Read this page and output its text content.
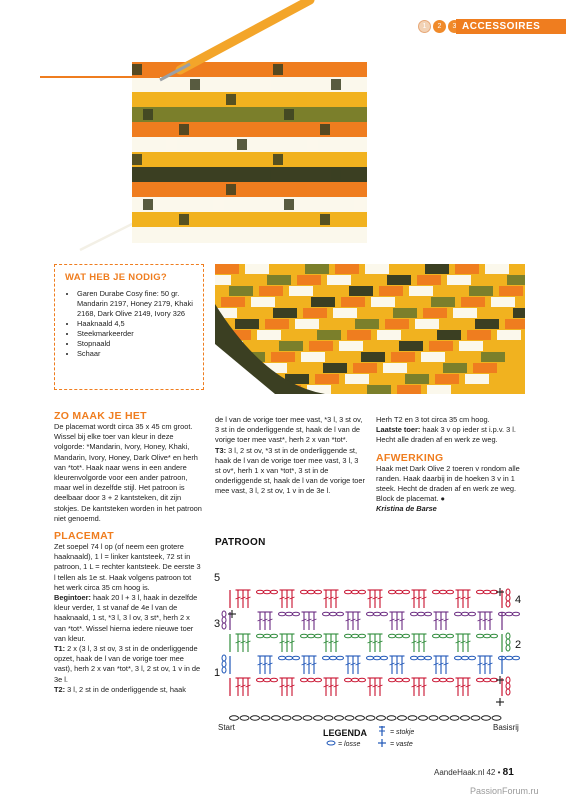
1	2	3 ACCESSOIRES
WAT HEB JE NODIG?
• Garen Durabe Cosy fine: 50 gr. Mandarin 2197, Honey 2179, Khaki 2168, Dark Olive 2149, Ivory 326
• Haaknaald 4,5
• Steekmarkeerder
• Stopnaald
• Schaar
ZO MAAK JE HET
De placemat wordt circa 35 x 45 cm groot. Wissel bij elke toer van kleur in deze volgorde: *Mandarin, Ivory, Honey, Khaki, Mandarin, Ivory, Honey, Dark Olive* en herh van *tot*. Haak naar wens in een andere kleurenvolgorde voor een ander patroon, maar wel in dezelfde stijl. Het patroon is deelbaar door 3 + 2 kantsteken, dit zijn stokjes. De kantsteken worden in het patroon niet genoemd.
PLACEMAT
Zet soepel 74 l op (of neem een grotere haaknaald), 1 l = linker kantsteek, 72 st in patroon, 1 L = rechter kantsteek. De eerste 3 l tellen als 1e st. Haak volgens patroon tot het werk circa 35 cm hoog is.
Begintoer: haak 20 l + 3 l, haak in dezelfde kleur verder, 1 st vanaf de 4e l van de haaknaald, 1 st, *3 l, 3 l ov, 3 st*, herh 2 x van *tot*. Wissel hierna iedere nieuwe toer van kleur.
T1: 2 x (3 l, 3 st ov, 3 st in de onderliggende opzet, haak de l van de vorige toer mee vast), herh 2 x van *tot*, 3 l, 2 st ov, 1 v in de 3e l.
T2: 3 l, 2 st in de onderliggende st, haak
de l van de vorige toer mee vast, *3 l, 3 st ov, 3 st in de onderliggende st, haak de l van de vorige toer mee vast*, herh 2 x van *tot*.
T3: 3 l, 2 st ov, *3 st in de onderliggende st, haak de l van de vorige toer mee vast, 3 l, 3 st ov*, herh 1 x van *tot*, 3 st in de onderliggende st, haak de l van de vorige toer mee vast, 3 l, 2 st ov, 1 v in de 3e l.
Herh T2 en 3 tot circa 35 cm hoog.
Laatste toer: haak 3 v op ieder st i.p.v. 3 l. Hecht alle draden af en werk ze weg.
AFWERKING
Haak met Dark Olive 2 toeren v rondom alle randen. Haak daarbij in de hoeken 3 v in 1 steek. Hecht de draden af en werk ze weg. Block de placemat. ●
Kristina de Barse
PATROON
5
4
3
2
1
Start	Basisrij
LEGENDA	= stokje
= losse	= vaste
AandeHaak.nl 42 • 81
PassionForum.ru
